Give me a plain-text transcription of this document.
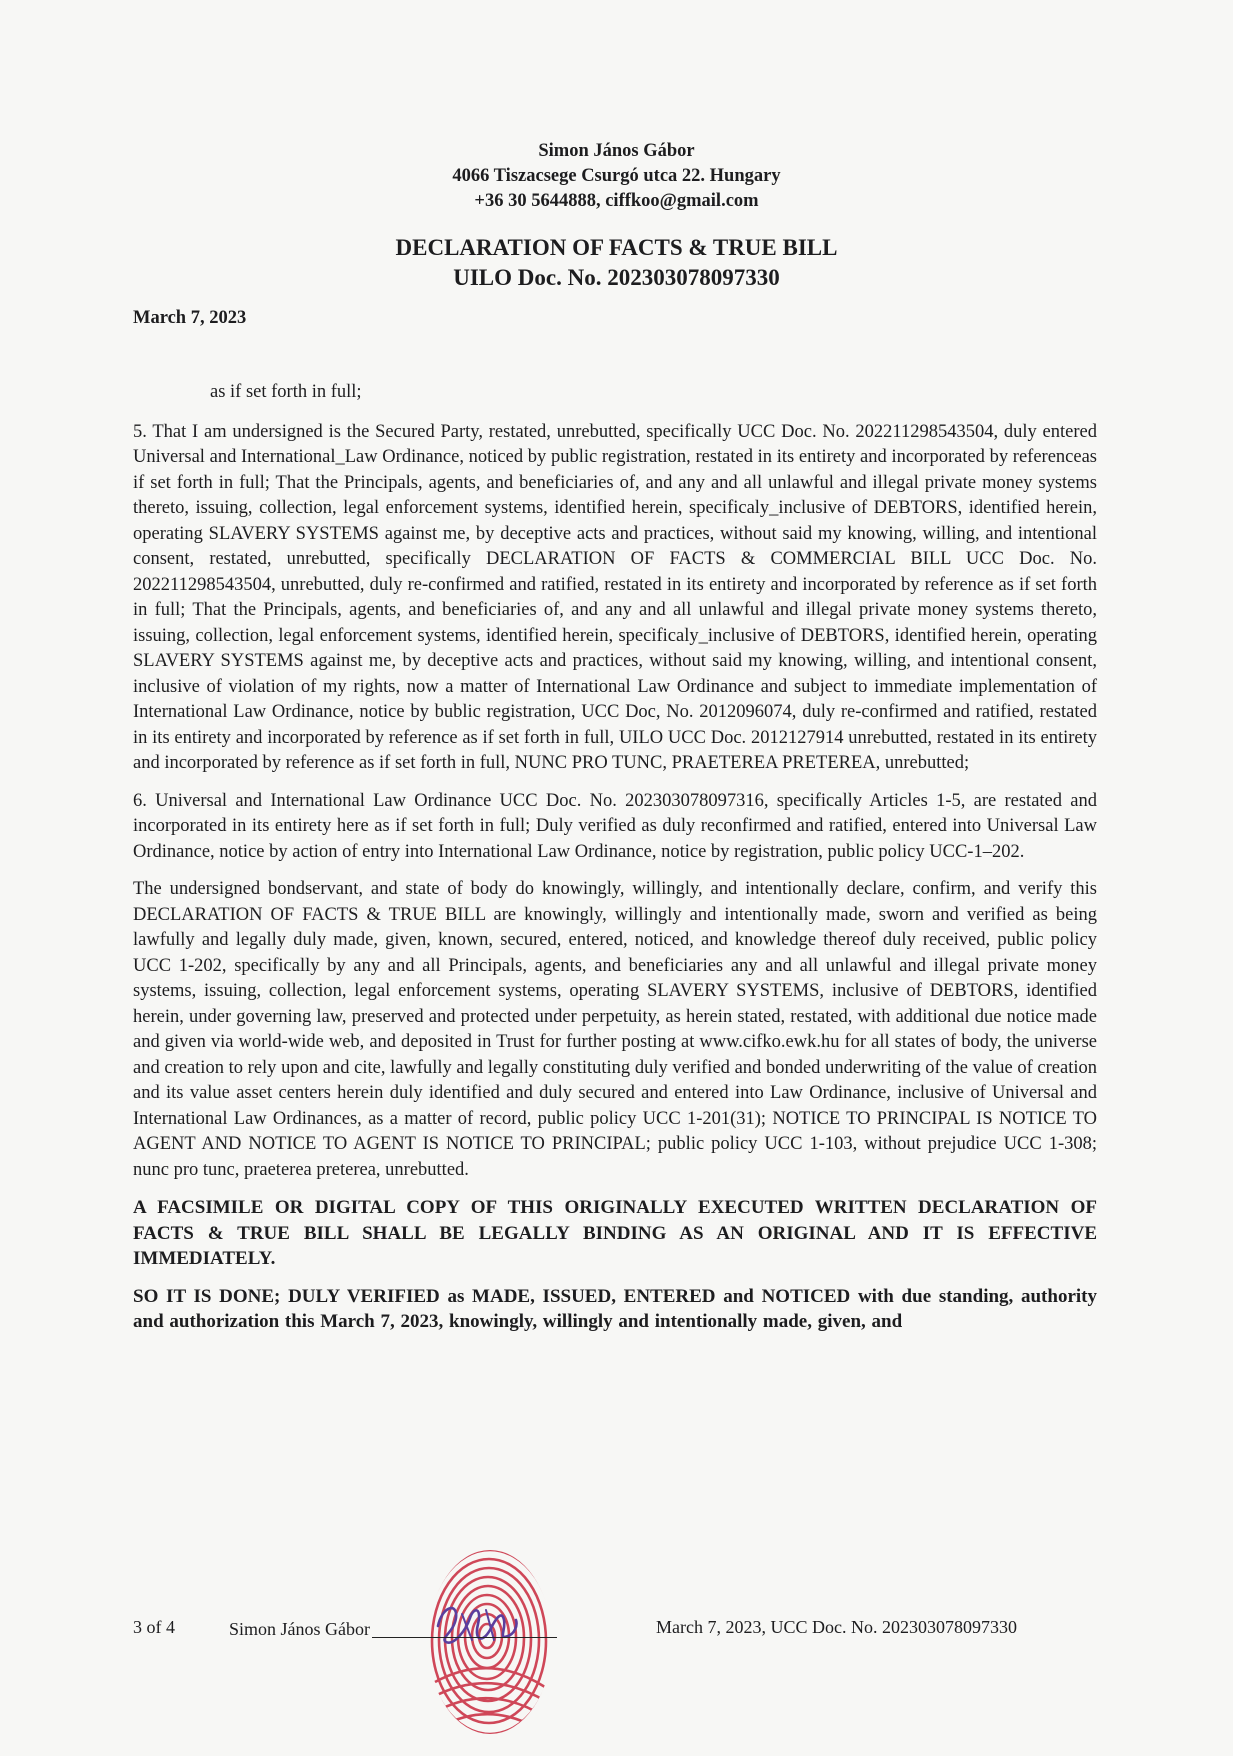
Simon János Gábor
4066 Tiszacsege Csurgó utca 22. Hungary
+36 30 5644888, ciffkoo@gmail.com
DECLARATION OF FACTS & TRUE BILL
UILO Doc. No. 202303078097330
March 7, 2023

as if set forth in full;

5. That I am undersigned is the Secured Party, restated, unrebutted, specifically UCC Doc. No. 202211298543504, duly entered Universal and International_Law Ordinance, noticed by public registration, restated in its entirety and incorporated by referenceas if set forth in full; That the Principals, agents, and beneficiaries of, and any and all unlawful and illegal private money systems thereto, issuing, collection, legal enforcement systems, identified herein, specificaly_inclusive of DEBTORS, identified herein, operating SLAVERY SYSTEMS against me, by deceptive acts and practices, without said my knowing, willing, and intentional consent, restated, unrebutted, specifically DECLARATION OF FACTS & COMMERCIAL BILL UCC Doc. No. 202211298543504, unrebutted, duly re-confirmed and ratified, restated in its entirety and incorporated by reference as if set forth in full; That the Principals, agents, and beneficiaries of, and any and all unlawful and illegal private money systems thereto, issuing, collection, legal enforcement systems, identified herein, specificaly_inclusive of DEBTORS, identified herein, operating SLAVERY SYSTEMS against me, by deceptive acts and practices, without said my knowing, willing, and intentional consent, inclusive of violation of my rights, now a matter of International Law Ordinance and subject to immediate implementation of International Law Ordinance, notice by bublic registration, UCC Doc, No. 2012096074, duly re-confirmed and ratified, restated in its entirety and incorporated by reference as if set forth in full, UILO UCC Doc. 2012127914 unrebutted, restated in its entirety and incorporated by reference as if set forth in full, NUNC PRO TUNC, PRAETEREA PRETEREA, unrebutted;

6. Universal and International Law Ordinance UCC Doc. No. 202303078097316, specifically Articles 1-5, are restated and incorporated in its entirety here as if set forth in full; Duly verified as duly reconfirmed and ratified, entered into Universal Law Ordinance, notice by action of entry into International Law Ordinance, notice by registration, public policy UCC-1–202.

The undersigned bondservant, and state of body do knowingly, willingly, and intentionally declare, confirm, and verify this DECLARATION OF FACTS & TRUE BILL are knowingly, willingly and intentionally made, sworn and verified as being lawfully and legally duly made, given, known, secured, entered, noticed, and knowledge thereof duly received, public policy UCC 1-202, specifically by any and all Principals, agents, and beneficiaries any and all unlawful and illegal private money systems, issuing, collection, legal enforcement systems, operating SLAVERY SYSTEMS, inclusive of DEBTORS, identified herein, under governing law, preserved and protected under perpetuity, as herein stated, restated, with additional due notice made and given via world-wide web, and deposited in Trust for further posting at www.cifko.ewk.hu for all states of body, the universe and creation to rely upon and cite, lawfully and legally constituting duly verified and bonded underwriting of the value of creation and its value asset centers herein duly identified and duly secured and entered into Law Ordinance, inclusive of Universal and International Law Ordinances, as a matter of record, public policy UCC 1-201(31); NOTICE TO PRINCIPAL IS NOTICE TO AGENT AND NOTICE TO AGENT IS NOTICE TO PRINCIPAL; public policy UCC 1-103, without prejudice UCC 1-308; nunc pro tunc, praeterea preterea, unrebutted.

A FACSIMILE OR DIGITAL COPY OF THIS ORIGINALLY EXECUTED WRITTEN DECLARATION OF FACTS & TRUE BILL SHALL BE LEGALLY BINDING AS AN ORIGINAL AND IT IS EFFECTIVE IMMEDIATELY.

SO IT IS DONE; DULY VERIFIED as MADE, ISSUED, ENTERED and NOTICED with due standing, authority and authorization this March 7, 2023, knowingly, willingly and intentionally made, given, and

3 of 4	Simon János Gábor	March 7, 2023, UCC Doc. No. 202303078097330
